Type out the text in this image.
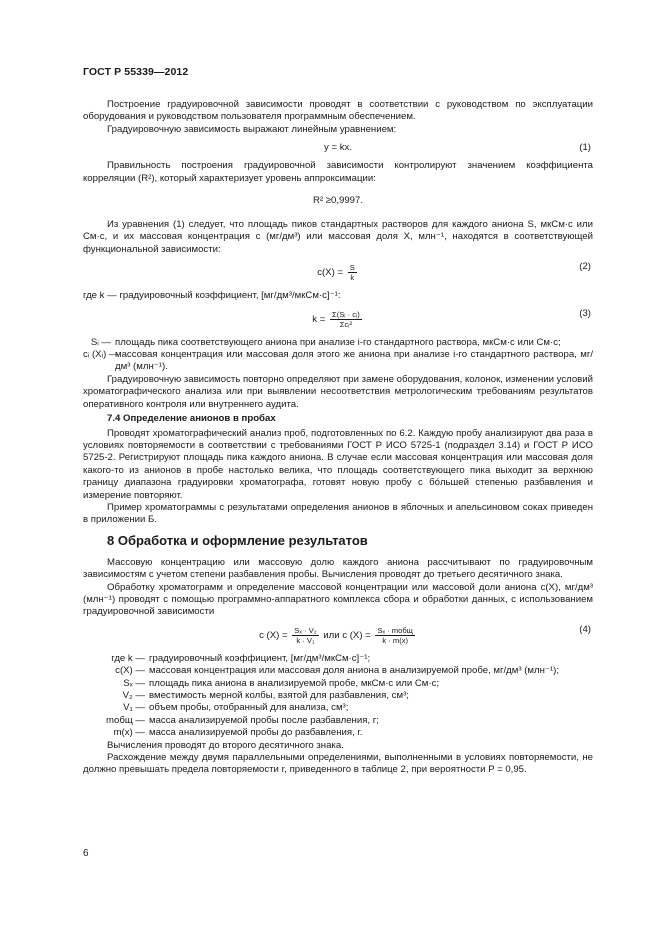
ГОСТ Р 55339—2012

Построение градуировочной зависимости проводят в соответствии с руководством по эксплуатации оборудования и руководством пользователя программным обеспечением.

Градуировочную зависимость выражают линейным уравнением:

y = kx.	(1)

Правильность построения градуировочной зависимости контролируют значением коэффициента корреляции (R²), который характеризует уровень аппроксимации:

R² ≥0,9997.

Из уравнения (1) следует, что площадь пиков стандартных растворов для каждого аниона S, мкСм·с или См·с, и их массовая концентрация с (мг/дм³) или массовая доля X, млн⁻¹, находятся в соответствующей функциональной зависимости:

$c(X) = \frac{S}{k}$	(2)

где k — градуировочный коэффициент, [мг/дм³/мкСм·с]⁻¹:

$k = \frac{\text{Σ(Sᵢ · cᵢ)}}{\text{Σcᵢ²}}$	(3)
Sᵢ — площадь пика соответствующего аниона при анализе i-го стандартного раствора, мкСм·с или См·с;
cᵢ (Xᵢ) —
массовая концентрация или массовая доля этого же аниона при анализе i-го стандартного раствора, мг/дм³ (млн⁻¹).

Градуировочную зависимость повторно определяют при замене оборудования, колонок, изменении условий хроматографического анализа или при выявлении несоответствия метрологическим требованиям результатов оперативного контроля или внутреннего аудита.

7.4 Определение анионов в пробах

Проводят хроматографический анализ проб, подготовленных по 6.2. Каждую пробу анализируют два раза в условиях повторяемости в соответствии с требованиями ГОСТ Р ИСО 5725-1 (подраздел 3.14) и ГОСТ Р ИСО 5725-2. Регистрируют площадь пика каждого аниона. В случае если массовая концентрация или массовая доля какого-то из анионов в пробе настолько велика, что площадь соответствующего пика выходит за верхнюю границу диапазона градуировки хроматографа, готовят новую пробу с бо́льшей степенью разбавления и измерение повторяют.

Пример хроматограммы с результатами определения анионов в яблочных и апельсиновом соках приведен в приложении Б.

8 Обработка и оформление результатов

Массовую концентрацию или массовую долю каждого аниона рассчитывают по градуировочным зависимостям с учетом степени разбавления пробы. Вычисления проводят до третьего десятичного знака.

Обработку хроматограмм и определение массовой концентрации или массовой доли аниона c(X), мг/дм³ (млн⁻¹) проводят с помощью программно-аппаратного комплекса сбора и обработки данных, с использованием градуировочной зависимости

c $(X) = \frac{\text{Sₓ · V₂}}{\text{k · V₁}}$ или c $(X) = \frac{\text{Sₓ · mобщ}}{k \cdot m(x)}$	(4)
где k — градуировочный коэффициент, [мг/дм³/мкСм·с]⁻¹;
c(X) — массовая концентрация или массовая доля аниона в анализируемой пробе, мг/дм³ (млн⁻¹);
Sₓ — площадь пика аниона в анализируемой пробе, мкСм·с или См·с;
V₂ — вместимость мерной колбы, взятой для разбавления, см³;
V₁ — объем пробы, отобранный для анализа, см³;
mобщ — масса анализируемой пробы после разбавления, г;
m(x) — масса анализируемой пробы до разбавления, г.

Вычисления проводят до второго десятичного знака.

Расхождение между двумя параллельными определениями, выполненными в условиях повторяемости, не должно превышать предела повторяемости r, приведенного в таблице 2, при вероятности P = 0,95.

6
